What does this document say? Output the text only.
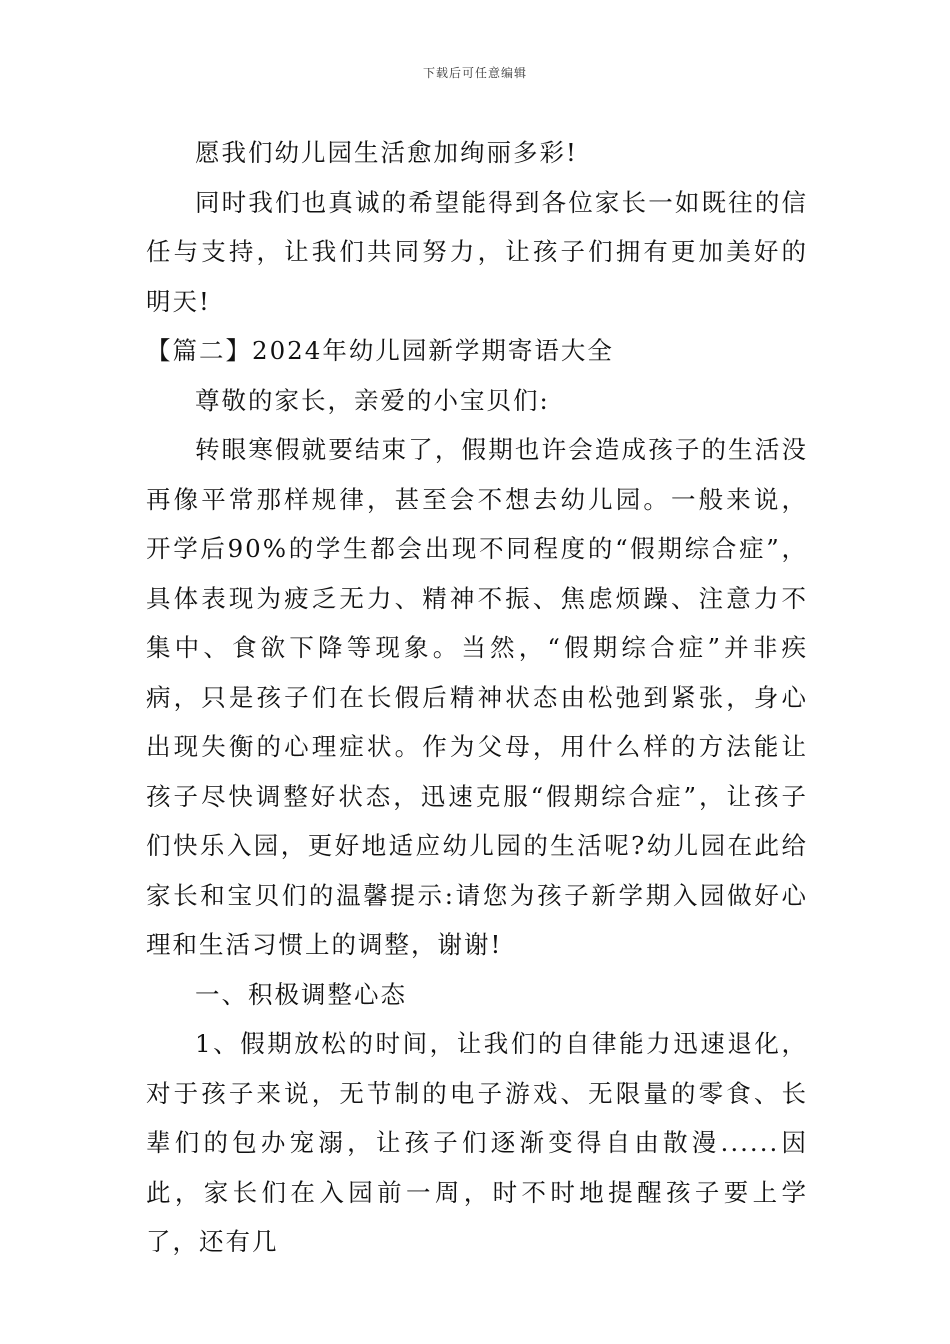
下载后可任意编辑

愿我们幼儿园生活愈加绚丽多彩!

同时我们也真诚的希望能得到各位家长一如既往的信任与支持，让我们共同努力，让孩子们拥有更加美好的明天!

【篇二】2024年幼儿园新学期寄语大全

尊敬的家长，亲爱的小宝贝们:

转眼寒假就要结束了，假期也许会造成孩子的生活没再像平常那样规律，甚至会不想去幼儿园。一般来说，开学后90%的学生都会出现不同程度的“假期综合症”，具体表现为疲乏无力、精神不振、焦虑烦躁、注意力不集中、食欲下降等现象。当然，“假期综合症”并非疾病，只是孩子们在长假后精神状态由松弛到紧张，身心出现失衡的心理症状。作为父母，用什么样的方法能让孩子尽快调整好状态，迅速克服“假期综合症”，让孩子们快乐入园，更好地适应幼儿园的生活呢?幼儿园在此给家长和宝贝们的温馨提示:请您为孩子新学期入园做好心理和生活习惯上的调整，谢谢!

一、积极调整心态

1、假期放松的时间，让我们的自律能力迅速退化，对于孩子来说，无节制的电子游戏、无限量的零食、长辈们的包办宠溺，让孩子们逐渐变得自由散漫......因此，家长们在入园前一周，时不时地提醒孩子要上学了，还有几
